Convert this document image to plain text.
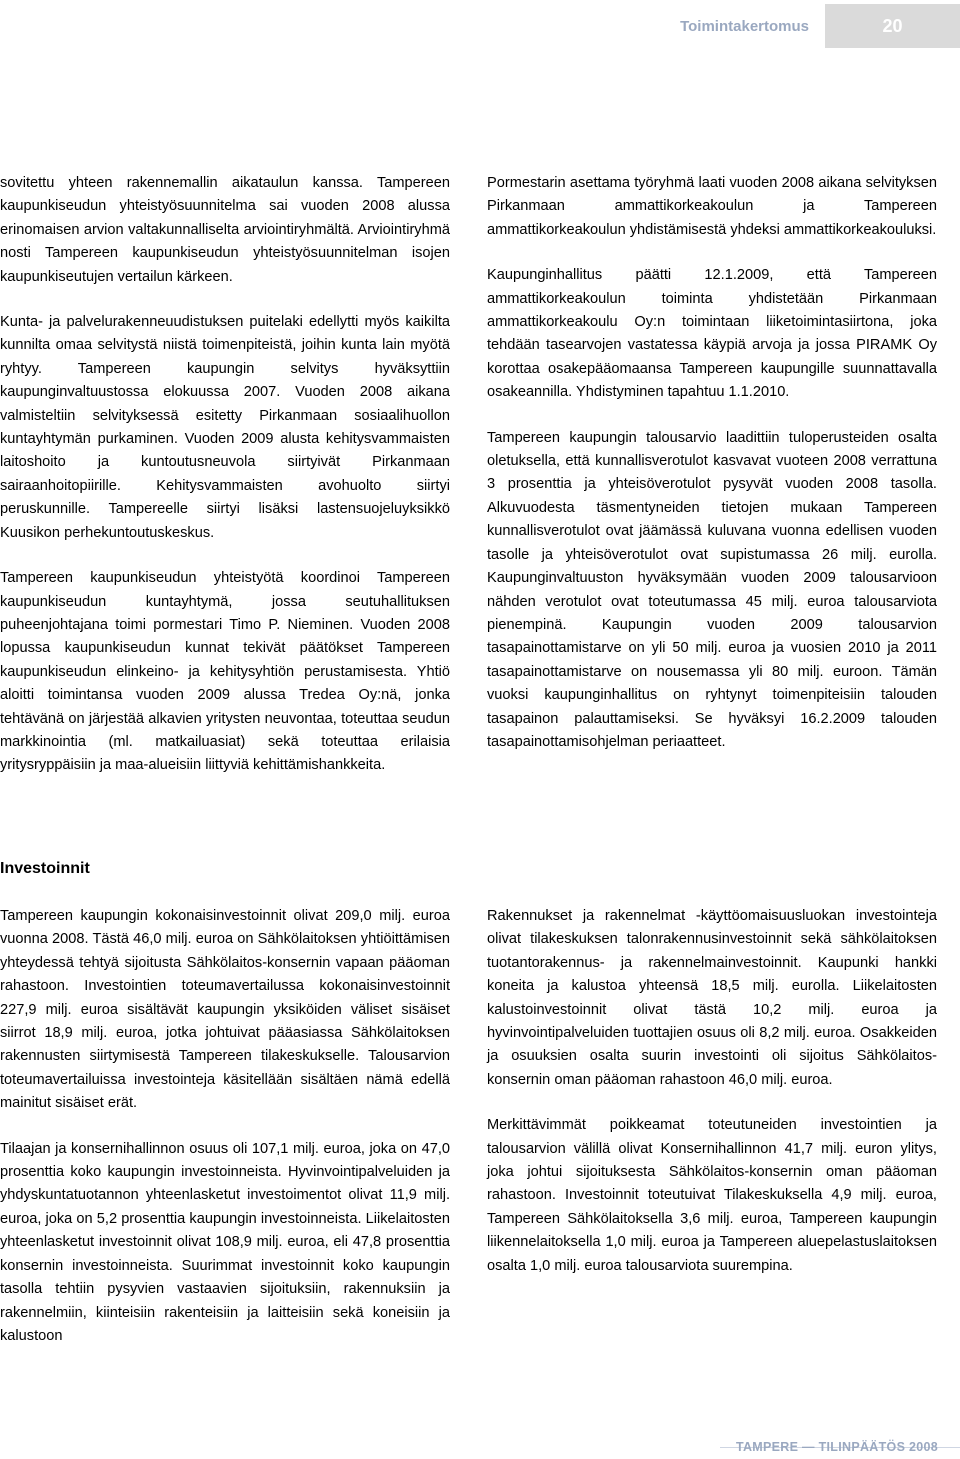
Toimintakertomus	20

sovitettu yhteen rakennemallin aikataulun kanssa. Tampereen kaupunkiseudun yhteistyösuunnitelma sai vuoden 2008 alussa erinomaisen arvion valtakunnalliselta arviointiryhmältä. Arviointiryhmä nosti Tampereen kaupunkiseudun yhteistyösuunnitelman isojen kaupunkiseutujen vertailun kärkeen.

Kunta- ja palvelurakenneuudistuksen puitelaki edellytti myös kaikilta kunnilta omaa selvitystä niistä toimenpiteistä, joihin kunta lain myötä ryhtyy. Tampereen kaupungin selvitys hyväksyttiin kaupunginvaltuustossa elokuussa 2007. Vuoden 2008 aikana valmisteltiin selvityksessä esitetty Pirkanmaan sosiaalihuollon kuntayhtymän purkaminen. Vuoden 2009 alusta kehitysvammaisten laitoshoito ja kuntoutusneuvola siirtyivät Pirkanmaan sairaanhoitopiirille. Kehitysvammaisten avohuolto siirtyi peruskunnille. Tampereelle siirtyi lisäksi lastensuojeluyksikkö Kuusikon perhekuntoutuskeskus.

Tampereen kaupunkiseudun yhteistyötä koordinoi Tampereen kaupunkiseudun kuntayhtymä, jossa seutuhallituksen puheenjohtajana toimi pormestari Timo P. Nieminen. Vuoden 2008 lopussa kaupunkiseudun kunnat tekivät päätökset Tampereen kaupunkiseudun elinkeino- ja kehitysyhtiön perustamisesta. Yhtiö aloitti toimintansa vuoden 2009 alussa Tredea Oy:nä, jonka tehtävänä on järjestää alkavien yritysten neuvontaa, toteuttaa seudun markkinointia (ml. matkailuasiat) sekä toteuttaa erilaisia yritysryppäisiin ja maa-alueisiin liittyviä kehittämishankkeita.

Pormestarin asettama työryhmä laati vuoden 2008 aikana selvityksen Pirkanmaan ammattikorkeakoulun ja Tampereen ammattikorkeakoulun yhdistämisestä yhdeksi ammattikorkeakouluksi.

Kaupunginhallitus päätti 12.1.2009, että Tampereen ammattikorkeakoulun toiminta yhdistetään Pirkanmaan ammattikorkeakoulu Oy:n toimintaan liiketoimintasiirtona, joka tehdään tasearvojen vastatessa käypiä arvoja ja jossa PIRAMK Oy korottaa osakepääomaansa Tampereen kaupungille suunnattavalla osakeannilla. Yhdistyminen tapahtuu 1.1.2010.

Tampereen kaupungin talousarvio laadittiin tuloperusteiden osalta oletuksella, että kunnallisverotulot kasvavat vuoteen 2008 verrattuna 3 prosenttia ja yhteisöverotulot pysyvät vuoden 2008 tasolla. Alkuvuodesta täsmentyneiden tietojen mukaan Tampereen kunnallisverotulot ovat jäämässä kuluvana vuonna edellisen vuoden tasolle ja yhteisöverotulot ovat supistumassa 26 milj. eurolla. Kaupunginvaltuuston hyväksymään vuoden 2009 talousarvioon nähden verotulot ovat toteutumassa 45 milj. euroa talousarviota pienempinä. Kaupungin vuoden 2009 talousarvion tasapainottamistarve on yli 50 milj. euroa ja vuosien 2010 ja 2011 tasapainottamistarve on nousemassa yli 80 milj. euroon. Tämän vuoksi kaupunginhallitus on ryhtynyt toimenpiteisiin talouden tasapainon palauttamiseksi. Se hyväksyi 16.2.2009 talouden tasapainottamisohjelman periaatteet.

Investoinnit

Tampereen kaupungin kokonaisinvestoinnit olivat 209,0 milj. euroa vuonna 2008. Tästä 46,0 milj. euroa on Sähkölaitoksen yhtiöittämisen yhteydessä tehtyä sijoitusta Sähkölaitos-konsernin vapaan pääoman rahastoon. Investointien toteumavertailussa kokonaisinvestoinnit 227,9 milj. euroa sisältävät kaupungin yksiköiden väliset sisäiset siirrot 18,9 milj. euroa, jotka johtuivat pääasiassa Sähkölaitoksen rakennusten siirtymisestä Tampereen tilakeskukselle. Talousarvion toteumavertailuissa investointeja käsitellään sisältäen nämä edellä mainitut sisäiset erät.

Tilaajan ja konsernihallinnon osuus oli 107,1 milj. euroa, joka on 47,0 prosenttia koko kaupungin investoinneista. Hyvinvointipalveluiden ja yhdyskuntatuotannon yhteenlasketut investoimentot olivat 11,9 milj. euroa, joka on 5,2 prosenttia kaupungin investoinneista. Liikelaitosten yhteenlasketut investoinnit olivat 108,9 milj. euroa, eli 47,8 prosenttia konsernin investoinneista. Suurimmat investoinnit koko kaupungin tasolla tehtiin pysyvien vastaavien sijoituksiin, rakennuksiin ja rakennelmiin, kiinteisiin rakenteisiin ja laitteisiin sekä koneisiin ja kalustoon

Rakennukset ja rakennelmat -käyttöomaisuusluokan investointeja olivat tilakeskuksen talonrakennusinvestoinnit sekä sähkölaitoksen tuotantorakennus- ja rakennelmainvestoinnit. Kaupunki hankki koneita ja kalustoa yhteensä 18,5 milj. eurolla. Liikelaitosten kalustoinvestoinnit olivat tästä 10,2 milj. euroa ja hyvinvointipalveluiden tuottajien osuus oli 8,2 milj. euroa. Osakkeiden ja osuuksien osalta suurin investointi oli sijoitus Sähkölaitos-konsernin oman pääoman rahastoon 46,0 milj. euroa.

Merkittävimmät poikkeamat toteutuneiden investointien ja talousarvion välillä olivat Konsernihallinnon 41,7 milj. euron ylitys, joka johtui sijoituksesta Sähkölaitos-konsernin oman pääoman rahastoon. Investoinnit toteutuivat Tilakeskuksella 4,9 milj. euroa, Tampereen Sähkölaitoksella 3,6 milj. euroa, Tampereen kaupungin liikennelaitoksella 1,0 milj. euroa ja Tampereen aluepelastuslaitoksen osalta 1,0 milj. euroa talousarviota suurempina.

TAMPERE — TILINPÄÄTÖS 2008
